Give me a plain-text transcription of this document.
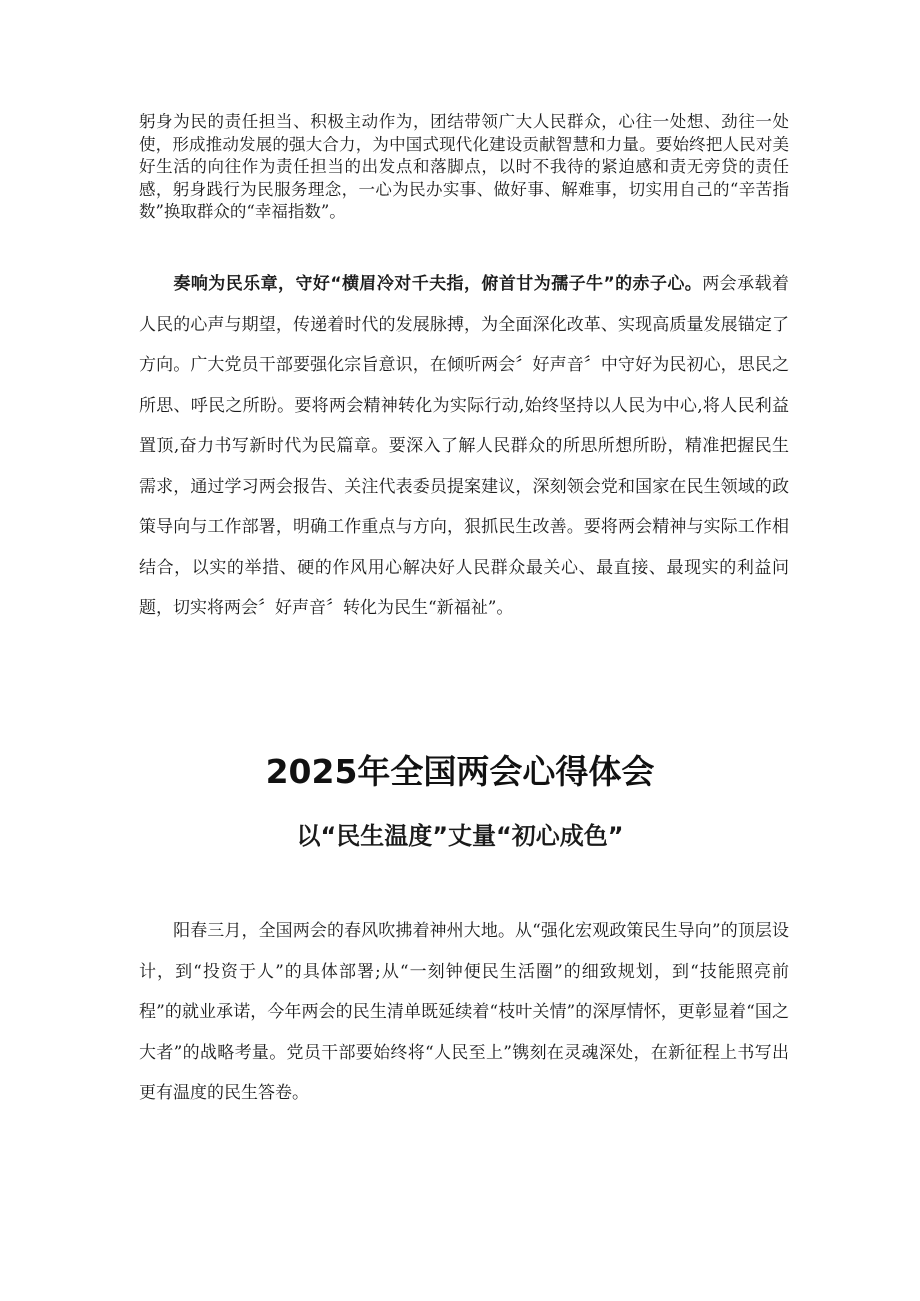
躬身为民的责任担当、积极主动作为，团结带领广大人民群众，心往一处想、劲往一处使，形成推动发展的强大合力，为中国式现代化建设贡献智慧和力量。要始终把人民对美好生活的向往作为责任担当的出发点和落脚点，以时不我待的紧迫感和责无旁贷的责任感，躬身践行为民服务理念，一心为民办实事、做好事、解难事，切实用自己的“辛苦指数”换取群众的“幸福指数”。

奏响为民乐章，守好“横眉冷对千夫指，俯首甘为孺子牛”的赤子心。两会承载着人民的心声与期望，传递着时代的发展脉搏，为全面深化改革、实现高质量发展锚定了方向。广大党员干部要强化宗旨意识，在倾听两会〞好声音〞中守好为民初心，思民之所思、呼民之所盼。要将两会精神转化为实际行动,始终坚持以人民为中心,将人民利益置顶,奋力书写新时代为民篇章。要深入了解人民群众的所思所想所盼，精准把握民生需求，通过学习两会报告、关注代表委员提案建议，深刻领会党和国家在民生领域的政策导向与工作部署，明确工作重点与方向，狠抓民生改善。要将两会精神与实际工作相结合，以实的举措、硬的作风用心解决好人民群众最关心、最直接、最现实的利益问题，切实将两会〞好声音〞转化为民生“新福祉”。

2025年全国两会心得体会
以“民生温度”丈量“初心成色”

阳春三月，全国两会的春风吹拂着神州大地。从“强化宏观政策民生导向”的顶层设计，到“投资于人”的具体部署;从“一刻钟便民生活圈”的细致规划，到“技能照亮前程”的就业承诺，今年两会的民生清单既延续着“枝叶关情”的深厚情怀，更彰显着“国之大者”的战略考量。党员干部要始终将“人民至上”镌刻在灵魂深处，在新征程上书写出更有温度的民生答卷。
